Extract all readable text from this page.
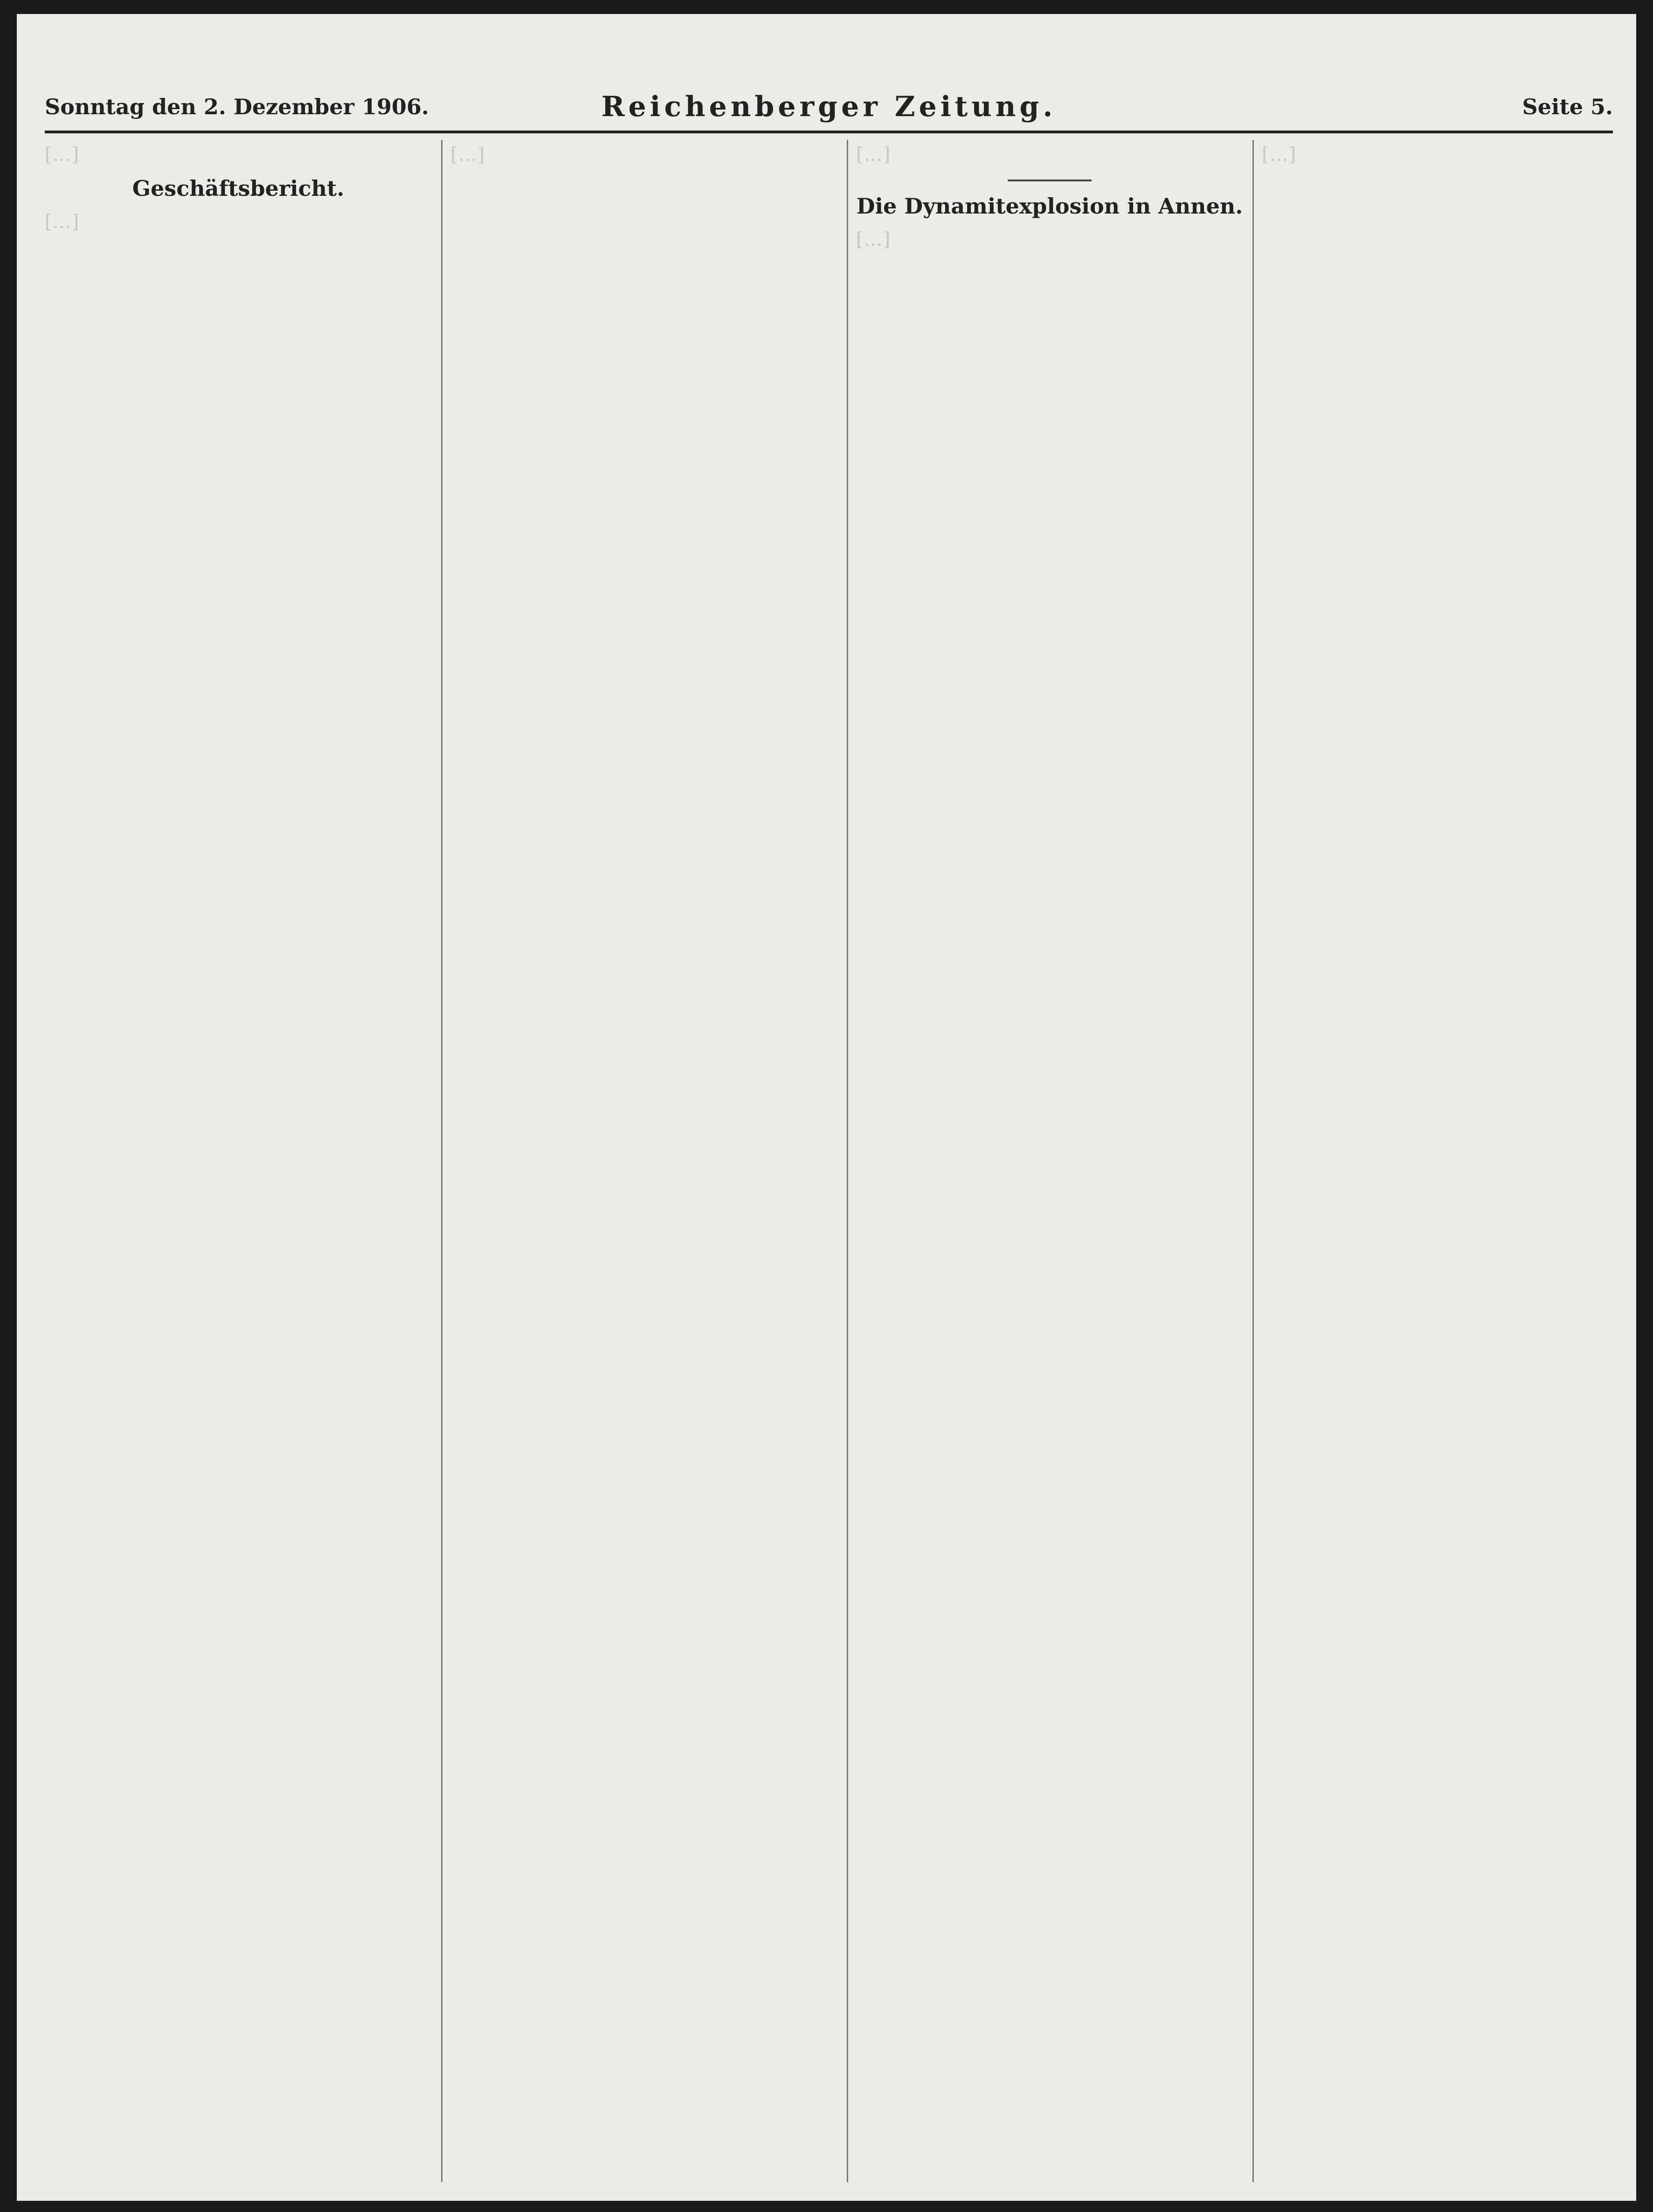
Sonntag den 2. Dezember 1906.	Reichenberger Zeitung.	Seite 5.
[…]
Geschäftsbericht.
[…]
[…]	[…]
Die Dynamitexplosion in Annen.
[…]
[…]
